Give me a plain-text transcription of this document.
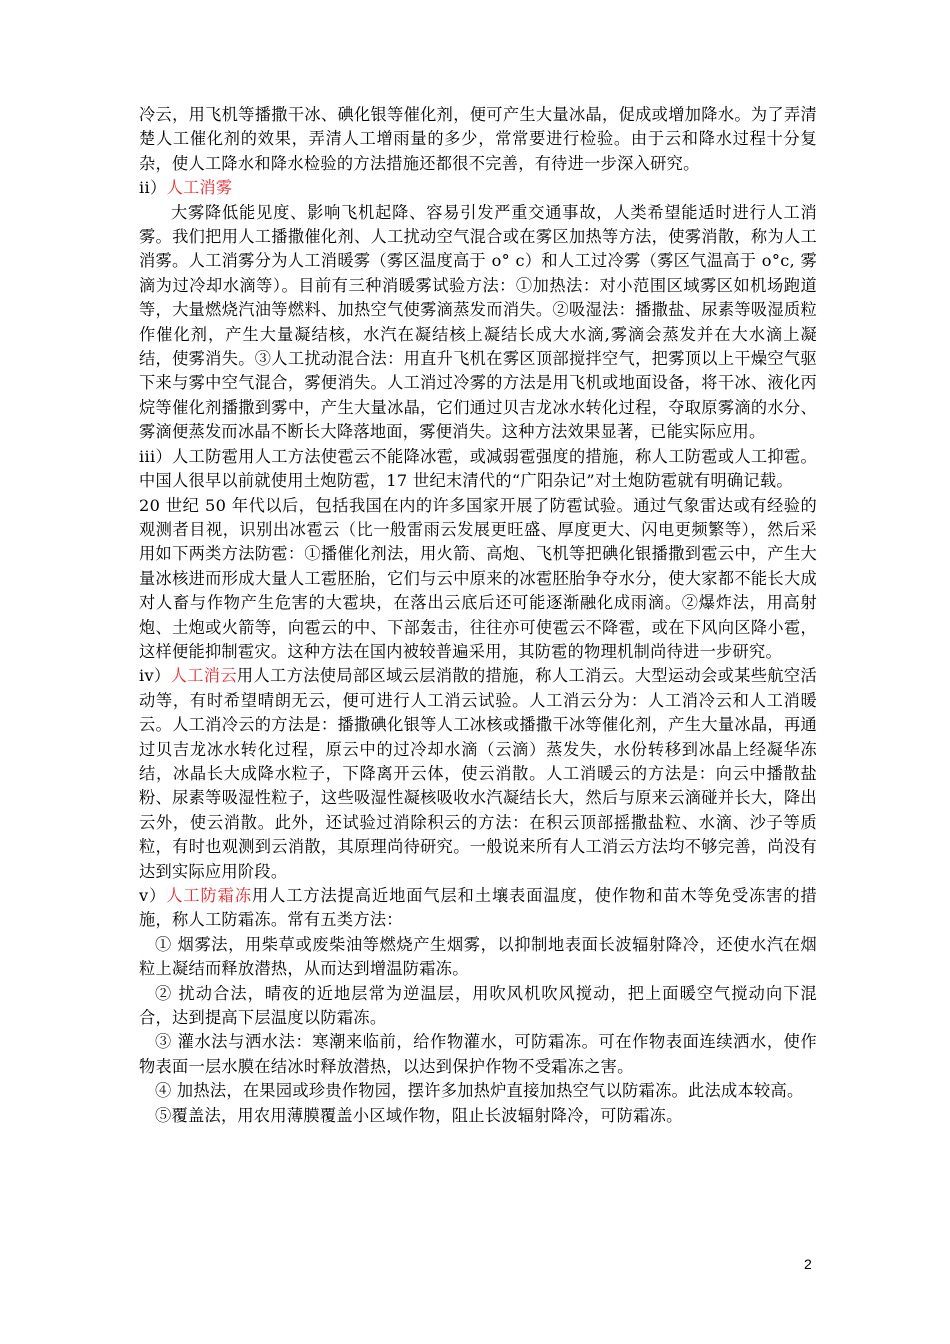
冷云，用飞机等播撒干冰、碘化银等催化剂，便可产生大量冰晶，促成或增加降水。为了弄清楚人工催化剂的效果，弄清人工增雨量的多少，常常要进行检验。由于云和降水过程十分复杂，使人工降水和降水检验的方法措施还都很不完善，有待进一步深入研究。

ii）人工消雾

大雾降低能见度、影响飞机起降、容易引发严重交通事故，人类希望能适时进行人工消雾。我们把用人工播撒催化剂、人工扰动空气混合或在雾区加热等方法，使雾消散，称为人工消雾。人工消雾分为人工消暖雾（雾区温度高于 o° c）和人工过冷雾（雾区气温高于 o°c, 雾滴为过冷却水滴等）。目前有三种消暖雾试验方法：①加热法：对小范围区域雾区如机场跑道等，大量燃烧汽油等燃料、加热空气使雾滴蒸发而消失。②吸湿法：播撒盐、尿素等吸湿质粒作催化剂，产生大量凝结核，水汽在凝结核上凝结长成大水滴,雾滴会蒸发并在大水滴上凝结，使雾消失。③人工扰动混合法：用直升飞机在雾区顶部搅拌空气，把雾顶以上干燥空气驱下来与雾中空气混合，雾便消失。人工消过冷雾的方法是用飞机或地面设备，将干冰、液化丙烷等催化剂播撒到雾中，产生大量冰晶，它们通过贝吉龙冰水转化过程，夺取原雾滴的水分、雾滴便蒸发而冰晶不断长大降落地面，雾便消失。这种方法效果显著，已能实际应用。

iii）人工防雹用人工方法使雹云不能降冰雹，或减弱雹强度的措施，称人工防雹或人工抑雹。中国人很早以前就使用土炮防雹，17 世纪末清代的“广阳杂记”对土炮防雹就有明确记载。

20 世纪 50 年代以后，包括我国在内的许多国家开展了防雹试验。通过气象雷达或有经验的观测者目视，识别出冰雹云（比一般雷雨云发展更旺盛、厚度更大、闪电更频繁等），然后采用如下两类方法防雹：①播催化剂法，用火箭、高炮、飞机等把碘化银播撒到雹云中，产生大量冰核进而形成大量人工雹胚胎，它们与云中原来的冰雹胚胎争夺水分，使大家都不能长大成对人畜与作物产生危害的大雹块，在落出云底后还可能逐渐融化成雨滴。②爆炸法，用高射炮、土炮或火箭等，向雹云的中、下部轰击，往往亦可使雹云不降雹，或在下风向区降小雹，这样便能抑制雹灾。这种方法在国内被较普遍采用，其防雹的物理机制尚待进一步研究。

iv）人工消云用人工方法使局部区域云层消散的措施，称人工消云。大型运动会或某些航空活动等，有时希望晴朗无云，便可进行人工消云试验。人工消云分为：人工消冷云和人工消暖云。人工消冷云的方法是：播撒碘化银等人工冰核或播撒干冰等催化剂，产生大量冰晶，再通过贝吉龙冰水转化过程，原云中的过冷却水滴（云滴）蒸发失，水份转移到冰晶上经凝华冻结，冰晶长大成降水粒子，下降离开云体，使云消散。人工消暖云的方法是：向云中播散盐粉、尿素等吸湿性粒子，这些吸湿性凝核吸收水汽凝结长大，然后与原来云滴碰并长大，降出云外，使云消散。此外，还试验过消除积云的方法：在积云顶部摇撒盐粒、水滴、沙子等质粒，有时也观测到云消散，其原理尚待研究。一般说来所有人工消云方法均不够完善，尚没有达到实际应用阶段。

v）人工防霜冻用人工方法提高近地面气层和土壤表面温度，使作物和苗木等免受冻害的措施，称人工防霜冻。常有五类方法：

① 烟雾法，用柴草或废柴油等燃烧产生烟雾，以抑制地表面长波辐射降冷，还使水汽在烟粒上凝结而释放潜热，从而达到增温防霜冻。

② 扰动合法，晴夜的近地层常为逆温层，用吹风机吹风搅动，把上面暖空气搅动向下混合，达到提高下层温度以防霜冻。

③ 灌水法与洒水法：寒潮来临前，给作物灌水，可防霜冻。可在作物表面连续洒水，使作物表面一层水膜在结冰时释放潜热，以达到保护作物不受霜冻之害。

④ 加热法，在果园或珍贵作物园，摆许多加热炉直接加热空气以防霜冻。此法成本较高。

⑤覆盖法，用农用薄膜覆盖小区域作物，阻止长波辐射降冷，可防霜冻。

2
